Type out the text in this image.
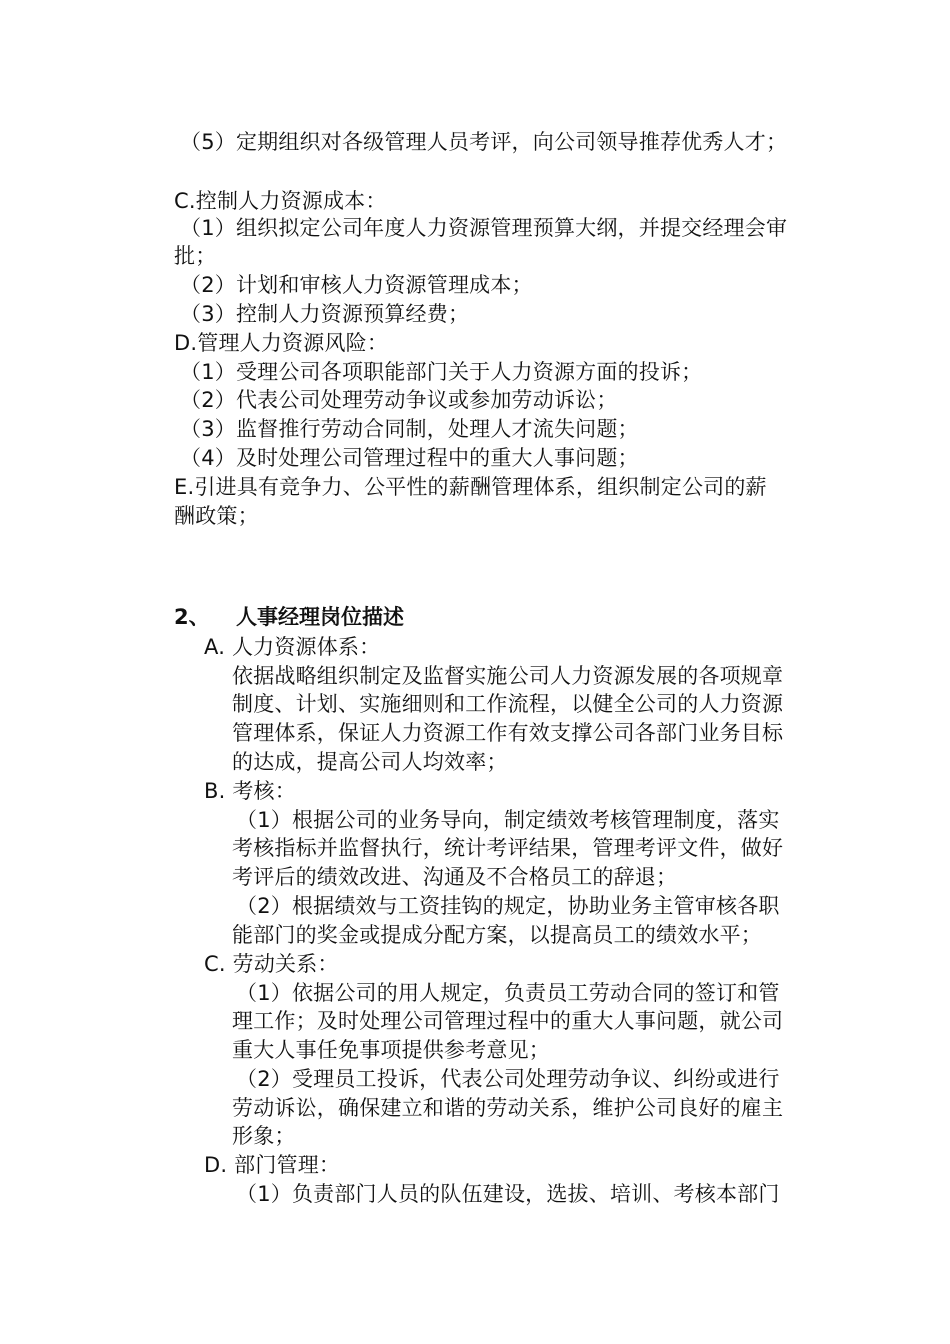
（5）定期组织对各级管理人员考评，向公司领导推荐优秀人才；
C.控制人力资源成本：
（1）组织拟定公司年度人力资源管理预算大纲，并提交经理会审
批；
（2）计划和审核人力资源管理成本；
（3）控制人力资源预算经费；
D.管理人力资源风险：
（1）受理公司各项职能部门关于人力资源方面的投诉；
（2）代表公司处理劳动争议或参加劳动诉讼；
（3）监督推行劳动合同制，处理人才流失问题；
（4）及时处理公司管理过程中的重大人事问题；
E.引进具有竞争力、公平性的薪酬管理体系，组织制定公司的薪
酬政策；
2、 人事经理岗位描述
A. 人力资源体系：
依据战略组织制定及监督实施公司人力资源发展的各项规章
制度、计划、实施细则和工作流程，以健全公司的人力资源
管理体系，保证人力资源工作有效支撑公司各部门业务目标
的达成，提高公司人均效率；
B. 考核：
（1）根据公司的业务导向，制定绩效考核管理制度，落实
考核指标并监督执行，统计考评结果，管理考评文件，做好
考评后的绩效改进、沟通及不合格员工的辞退；
（2）根据绩效与工资挂钩的规定，协助业务主管审核各职
能部门的奖金或提成分配方案，以提高员工的绩效水平；
C. 劳动关系：
（1）依据公司的用人规定，负责员工劳动合同的签订和管
理工作；及时处理公司管理过程中的重大人事问题，就公司
重大人事任免事项提供参考意见；
（2）受理员工投诉，代表公司处理劳动争议、纠纷或进行
劳动诉讼，确保建立和谐的劳动关系，维护公司良好的雇主
形象；
D. 部门管理：
（1）负责部门人员的队伍建设，选拔、培训、考核本部门
